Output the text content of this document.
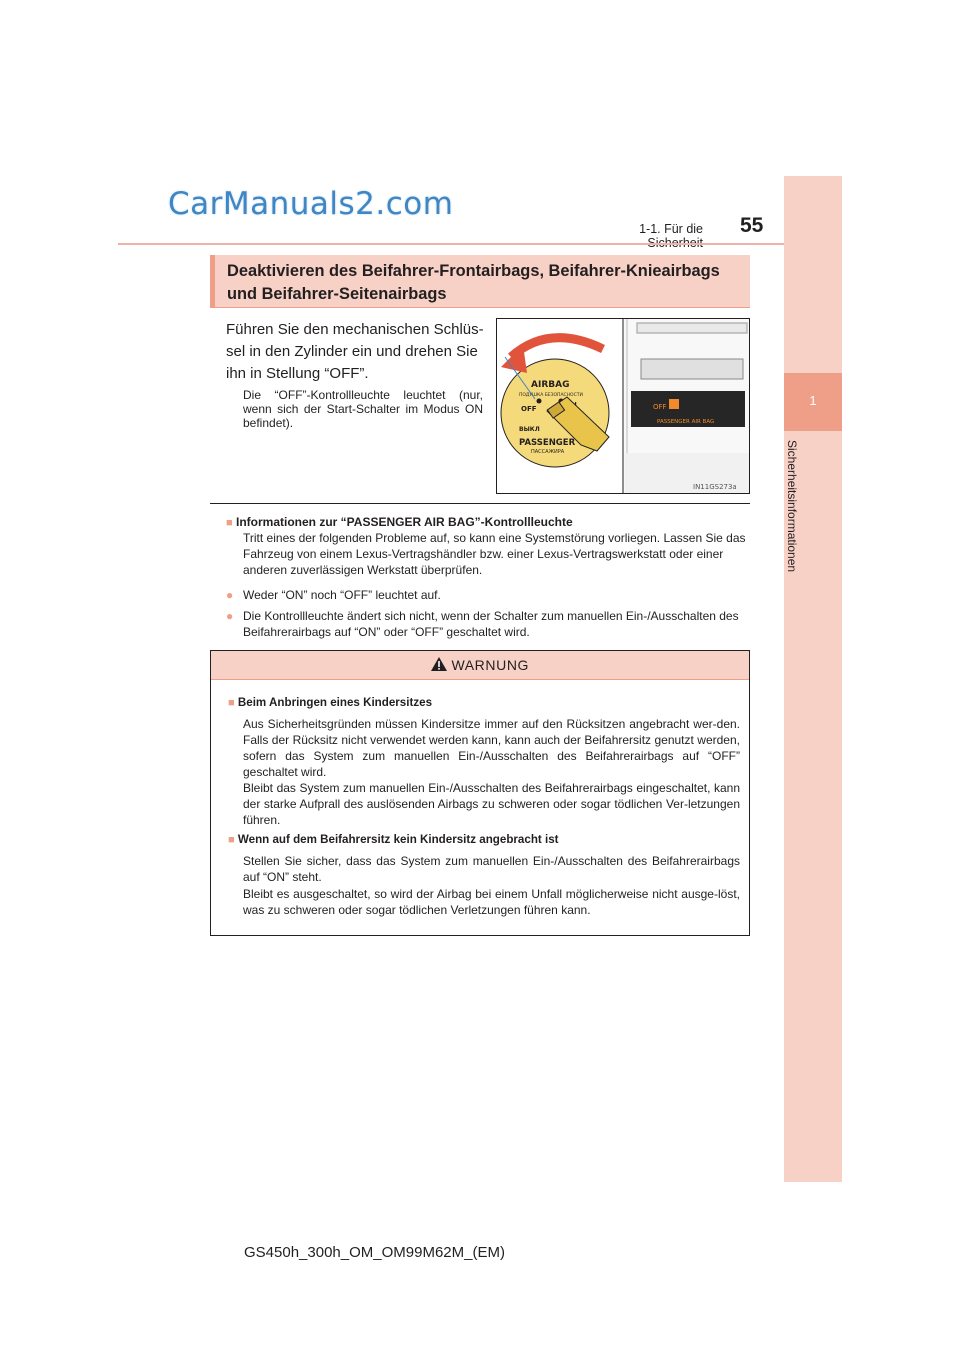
CarManuals2.com
1-1. Für die 55
1
Sicherheitsinformationen
Deaktivieren des Beifahrer-Frontairbags, Beifahrer-Knieairbags und Beifahrer-Seitenairbags
Führen Sie den mechanischen Schlüs-sel in den Zylinder ein und drehen Sie ihn in Stellung “OFF”.
Die “OFF”-Kontrollleuchte leuchtet (nur, wenn sich der Start-Schalter im Modus ON befindet).
OFF
PASSENGER AIR BAG
IN11GS273a
AIRBAG
ПОДУШКА БЕЗОПАСНОСТИ
OFF
ВЫКЛ
PASSENGER
ПАССАЖИРА
■ Informationen zur “PASSENGER AIR BAG”-Kontrollleuchte
Tritt eines der folgenden Probleme auf, so kann eine Systemstörung vorliegen. Lassen Sie das Fahrzeug von einem Lexus-Vertragshändler bzw. einer Lexus-Vertragswerkstatt oder einer anderen zuverlässigen Werkstatt überprüfen.
● Weder “ON” noch “OFF” leuchtet auf.
● Die Kontrollleuchte ändert sich nicht, wenn der Schalter zum manuellen Ein-/Ausschalten des Beifahrerairbags auf “ON” oder “OFF” geschaltet wird.
WARNUNG
■ Beim Anbringen eines Kindersitzes
Aus Sicherheitsgründen müssen Kindersitze immer auf den Rücksitzen angebracht wer-den. Falls der Rücksitz nicht verwendet werden kann, kann auch der Beifahrersitz genutzt werden, sofern das System zum manuellen Ein-/Ausschalten des Beifahrerairbags auf “OFF” geschaltet wird.
Bleibt das System zum manuellen Ein-/Ausschalten des Beifahrerairbags eingeschaltet, kann der starke Aufprall des auslösenden Airbags zu schweren oder sogar tödlichen Ver-letzungen führen.
■ Wenn auf dem Beifahrersitz kein Kindersitz angebracht ist
Stellen Sie sicher, dass das System zum manuellen Ein-/Ausschalten des Beifahrerairbags auf “ON” steht.
Bleibt es ausgeschaltet, so wird der Airbag bei einem Unfall möglicherweise nicht ausge-löst, was zu schweren oder sogar tödlichen Verletzungen führen kann.
GS450h_300h_OM_OM99M62M_(EM)
